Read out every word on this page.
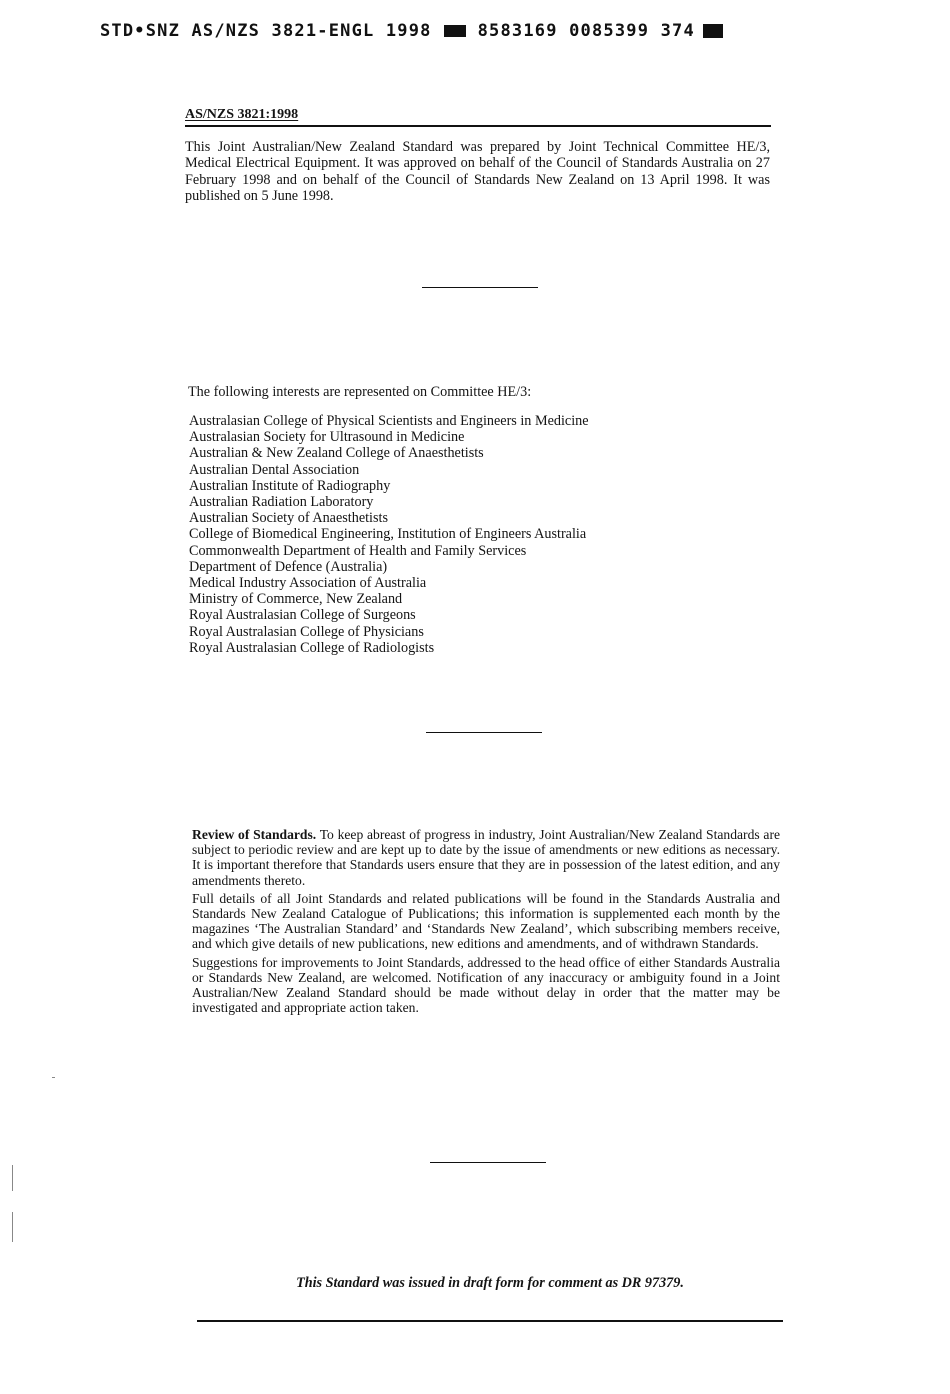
STD•SNZ AS/NZS 3821-ENGL 1998	8583169 0085399 374
AS/NZS 3821:1998

This Joint Australian/New Zealand Standard was prepared by Joint Technical Committee HE/3, Medical Electrical Equipment. It was approved on behalf of the Council of Standards Australia on 27 February 1998 and on behalf of the Council of Standards New Zealand on 13 April 1998. It was published on 5 June 1998.

The following interests are represented on Committee HE/3:

Australasian College of Physical Scientists and Engineers in Medicine
Australasian Society for Ultrasound in Medicine
Australian & New Zealand College of Anaesthetists
Australian Dental Association
Australian Institute of Radiography
Australian Radiation Laboratory
Australian Society of Anaesthetists
College of Biomedical Engineering, Institution of Engineers Australia
Commonwealth Department of Health and Family Services
Department of Defence (Australia)
Medical Industry Association of Australia
Ministry of Commerce, New Zealand
Royal Australasian College of Surgeons
Royal Australasian College of Physicians
Royal Australasian College of Radiologists

Review of Standards. To keep abreast of progress in industry, Joint Australian/New Zealand Standards are subject to periodic review and are kept up to date by the issue of amendments or new editions as necessary. It is important therefore that Standards users ensure that they are in possession of the latest edition, and any amendments thereto.

Full details of all Joint Standards and related publications will be found in the Standards Australia and Standards New Zealand Catalogue of Publications; this information is supplemented each month by the magazines ‘The Australian Standard’ and ‘Standards New Zealand’, which subscribing members receive, and which give details of new publications, new editions and amendments, and of withdrawn Standards.

Suggestions for improvements to Joint Standards, addressed to the head office of either Standards Australia or Standards New Zealand, are welcomed. Notification of any inaccuracy or ambiguity found in a Joint Australian/New Zealand Standard should be made without delay in order that the matter may be investigated and appropriate action taken.

This Standard was issued in draft form for comment as DR 97379.
